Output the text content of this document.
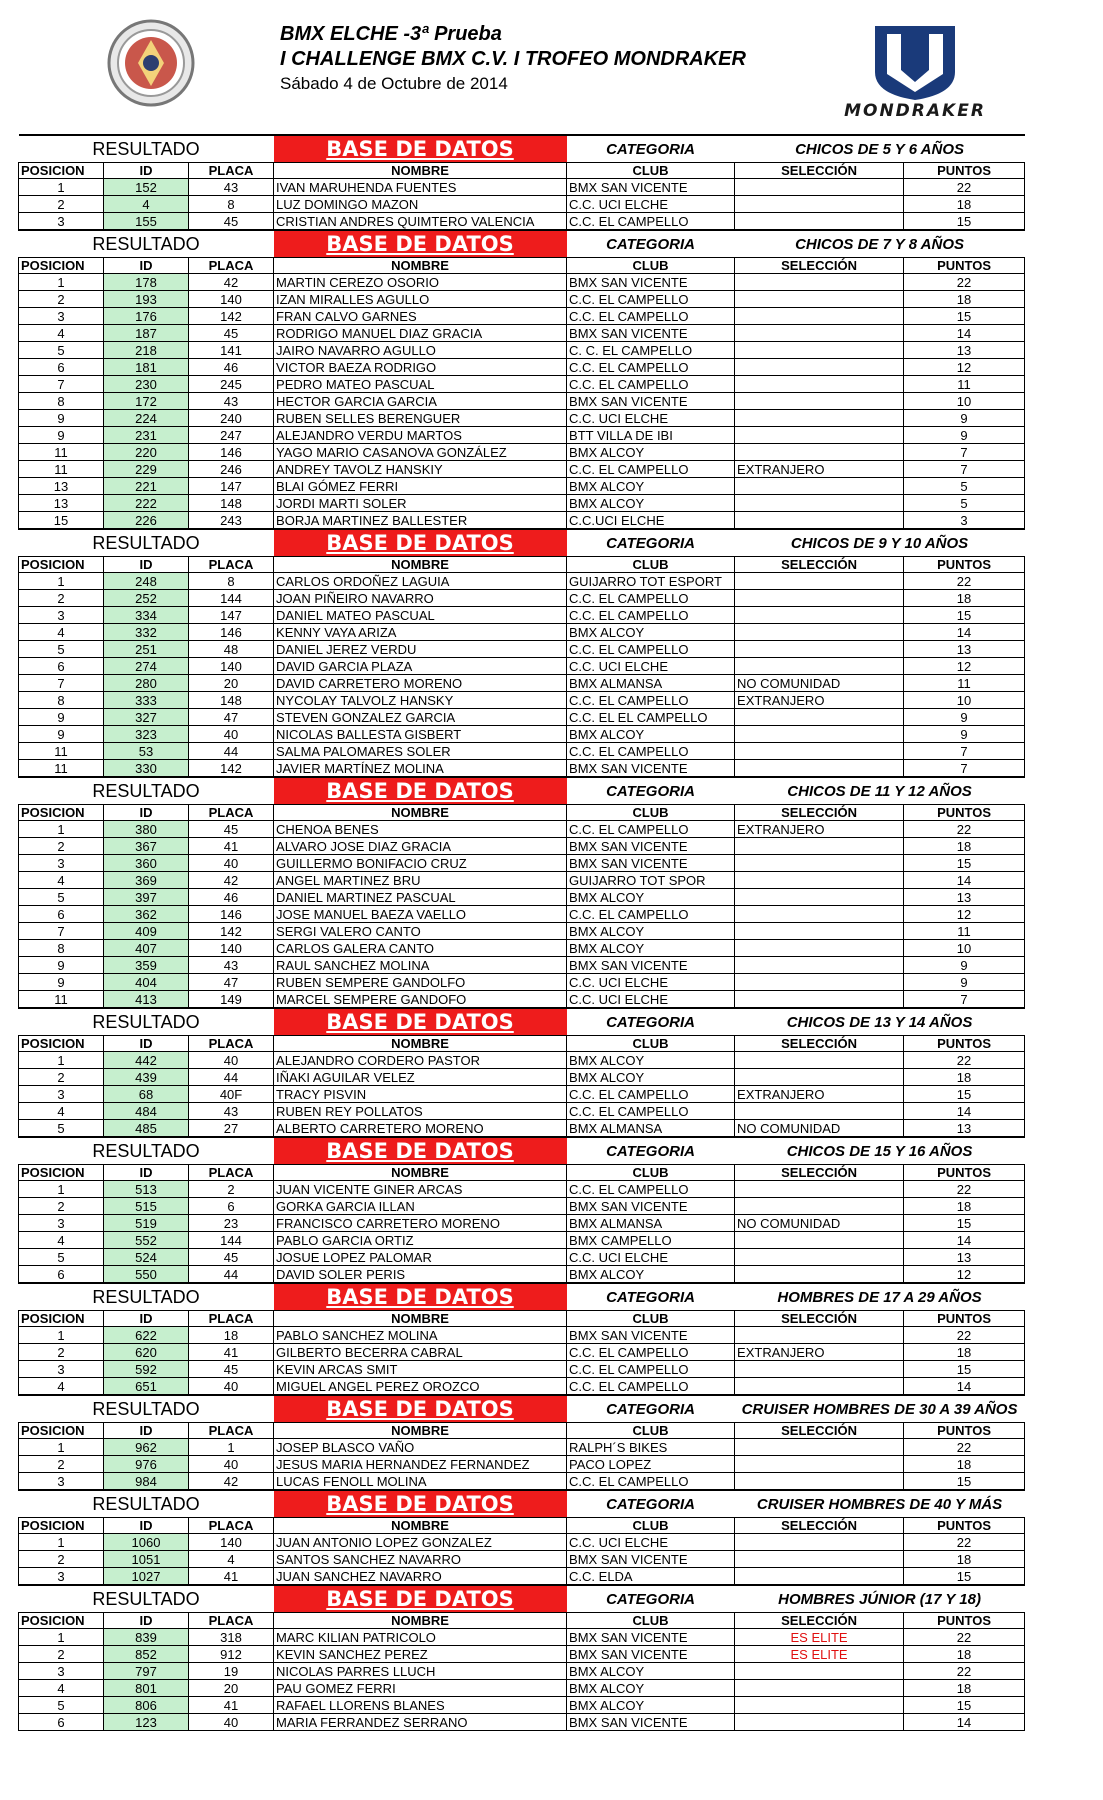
BMX ELCHE -3ª Prueba
I CHALLENGE BMX C.V. I TROFEO MONDRAKER
Sábado 4 de Octubre de 2014
MONDRAKER
RESULTADO			BASE DE DATOS	CATEGORIA	CHICOS DE 5 Y 6 AÑOS	
POSICION	ID	PLACA	NOMBRE	CLUB	SELECCIÓN	PUNTOS
1	152	43	IVAN MARUHENDA FUENTES	BMX SAN VICENTE		22
2	4	8	LUZ DOMINGO MAZON	C.C. UCI ELCHE		18
3	155	45	CRISTIAN ANDRES QUIMTERO VALENCIA	C.C. EL CAMPELLO		15
RESULTADO			BASE DE DATOS	CATEGORIA	CHICOS DE 7 Y 8 AÑOS	
POSICION	ID	PLACA	NOMBRE	CLUB	SELECCIÓN	PUNTOS
1	178	42	MARTIN CEREZO OSORIO	BMX SAN VICENTE		22
2	193	140	IZAN MIRALLES AGULLO	C.C. EL CAMPELLO		18
3	176	142	FRAN CALVO GARNES	C.C. EL CAMPELLO		15
4	187	45	RODRIGO MANUEL DIAZ GRACIA	BMX SAN VICENTE		14
5	218	141	JAIRO NAVARRO AGULLO	C. C. EL CAMPELLO		13
6	181	46	VICTOR BAEZA RODRIGO	C.C. EL CAMPELLO		12
7	230	245	PEDRO MATEO PASCUAL	C.C. EL CAMPELLO		11
8	172	43	HECTOR GARCIA GARCIA	BMX SAN VICENTE		10
9	224	240	RUBEN SELLES BERENGUER	C.C. UCI ELCHE		9
9	231	247	ALEJANDRO VERDU MARTOS	BTT VILLA DE IBI		9
11	220	146	YAGO MARIO CASANOVA GONZÁLEZ	BMX ALCOY		7
11	229	246	ANDREY TAVOLZ HANSKIY	C.C. EL CAMPELLO	EXTRANJERO	7
13	221	147	BLAI GÓMEZ FERRI	BMX ALCOY		5
13	222	148	JORDI MARTI SOLER	BMX ALCOY		5
15	226	243	BORJA MARTINEZ BALLESTER	C.C.UCI ELCHE		3
RESULTADO			BASE DE DATOS	CATEGORIA	CHICOS DE 9 Y 10 AÑOS	
POSICION	ID	PLACA	NOMBRE	CLUB	SELECCIÓN	PUNTOS
1	248	8	CARLOS ORDOÑEZ LAGUIA	GUIJARRO TOT ESPORT		22
2	252	144	JOAN PIÑEIRO NAVARRO	C.C. EL CAMPELLO		18
3	334	147	DANIEL MATEO PASCUAL	C.C. EL CAMPELLO		15
4	332	146	KENNY VAYA ARIZA	BMX ALCOY		14
5	251	48	DANIEL JEREZ VERDU	C.C. EL CAMPELLO		13
6	274	140	DAVID GARCIA PLAZA	C.C. UCI ELCHE		12
7	280	20	DAVID CARRETERO MORENO	BMX ALMANSA	NO COMUNIDAD	11
8	333	148	NYCOLAY TALVOLZ HANSKY	C.C. EL CAMPELLO	EXTRANJERO	10
9	327	47	STEVEN GONZALEZ GARCIA	C.C. EL EL CAMPELLO		9
9	323	40	NICOLAS BALLESTA GISBERT	BMX ALCOY		9
11	53	44	SALMA PALOMARES SOLER	C.C. EL CAMPELLO		7
11	330	142	JAVIER MARTÍNEZ MOLINA	BMX SAN VICENTE		7
RESULTADO			BASE DE DATOS	CATEGORIA	CHICOS DE 11 Y 12 AÑOS	
POSICION	ID	PLACA	NOMBRE	CLUB	SELECCIÓN	PUNTOS
1	380	45	CHENOA BENES	C.C. EL CAMPELLO	EXTRANJERO	22
2	367	41	ALVARO JOSE DIAZ GRACIA	BMX SAN VICENTE		18
3	360	40	GUILLERMO BONIFACIO CRUZ	BMX SAN VICENTE		15
4	369	42	ANGEL MARTINEZ BRU	GUIJARRO TOT SPOR		14
5	397	46	DANIEL MARTINEZ PASCUAL	BMX ALCOY		13
6	362	146	JOSE MANUEL BAEZA VAELLO	C.C. EL CAMPELLO		12
7	409	142	SERGI VALERO CANTO	BMX ALCOY		11
8	407	140	CARLOS GALERA CANTO	BMX ALCOY		10
9	359	43	RAUL SANCHEZ MOLINA	BMX SAN VICENTE		9
9	404	47	RUBEN SEMPERE GANDOLFO	C.C. UCI ELCHE		9
11	413	149	MARCEL SEMPERE GANDOFO	C.C. UCI ELCHE		7
RESULTADO			BASE DE DATOS	CATEGORIA	CHICOS DE 13 Y 14 AÑOS	
POSICION	ID	PLACA	NOMBRE	CLUB	SELECCIÓN	PUNTOS
1	442	40	ALEJANDRO CORDERO PASTOR	BMX ALCOY		22
2	439	44	IÑAKI AGUILAR VELEZ	BMX ALCOY		18
3	68	40F	TRACY PISVIN	C.C. EL CAMPELLO	EXTRANJERO	15
4	484	43	RUBEN REY POLLATOS	C.C. EL CAMPELLO		14
5	485	27	ALBERTO CARRETERO MORENO	BMX ALMANSA	NO COMUNIDAD	13
RESULTADO			BASE DE DATOS	CATEGORIA	CHICOS DE 15 Y 16 AÑOS	
POSICION	ID	PLACA	NOMBRE	CLUB	SELECCIÓN	PUNTOS
1	513	2	JUAN VICENTE GINER ARCAS	C.C. EL CAMPELLO		22
2	515	6	GORKA GARCIA ILLAN	BMX SAN VICENTE		18
3	519	23	FRANCISCO CARRETERO MORENO	BMX ALMANSA	NO COMUNIDAD	15
4	552	144	PABLO GARCIA ORTIZ	BMX CAMPELLO		14
5	524	45	JOSUE LOPEZ PALOMAR	C.C. UCI ELCHE		13
6	550	44	DAVID SOLER PERIS	BMX ALCOY		12
RESULTADO			BASE DE DATOS	CATEGORIA	HOMBRES DE 17 A 29 AÑOS	
POSICION	ID	PLACA	NOMBRE	CLUB	SELECCIÓN	PUNTOS
1	622	18	PABLO SANCHEZ MOLINA	BMX SAN VICENTE		22
2	620	41	GILBERTO BECERRA CABRAL	C.C. EL CAMPELLO	EXTRANJERO	18
3	592	45	KEVIN ARCAS SMIT	C.C. EL CAMPELLO		15
4	651	40	MIGUEL ANGEL PEREZ OROZCO	C.C. EL CAMPELLO		14
RESULTADO			BASE DE DATOS	CATEGORIA	CRUISER HOMBRES DE 30 A 39 AÑOS	
POSICION	ID	PLACA	NOMBRE	CLUB	SELECCIÓN	PUNTOS
1	962	1	JOSEP BLASCO VAÑO	RALPH´S BIKES		22
2	976	40	JESUS MARIA HERNANDEZ FERNANDEZ	PACO LOPEZ		18
3	984	42	LUCAS FENOLL MOLINA	C.C. EL CAMPELLO		15
RESULTADO			BASE DE DATOS	CATEGORIA	CRUISER HOMBRES DE 40 Y MÁS	
POSICION	ID	PLACA	NOMBRE	CLUB	SELECCIÓN	PUNTOS
1	1060	140	JUAN ANTONIO LOPEZ GONZALEZ	C.C. UCI ELCHE		22
2	1051	4	SANTOS SANCHEZ NAVARRO	BMX SAN VICENTE		18
3	1027	41	JUAN SANCHEZ NAVARRO	C.C. ELDA		15
RESULTADO			BASE DE DATOS	CATEGORIA	HOMBRES JÚNIOR (17 Y 18)	
POSICION	ID	PLACA	NOMBRE	CLUB	SELECCIÓN	PUNTOS
1	839	318	MARC KILIAN PATRICOLO	BMX SAN VICENTE	ES ELITE	22
2	852	912	KEVIN SANCHEZ PEREZ	BMX SAN VICENTE	ES ELITE	18
3	797	19	NICOLAS PARRES LLUCH	BMX ALCOY		22
4	801	20	PAU GOMEZ FERRI	BMX ALCOY		18
5	806	41	RAFAEL LLORENS BLANES	BMX ALCOY		15
6	123	40	MARIA FERRANDEZ SERRANO	BMX SAN VICENTE		14
